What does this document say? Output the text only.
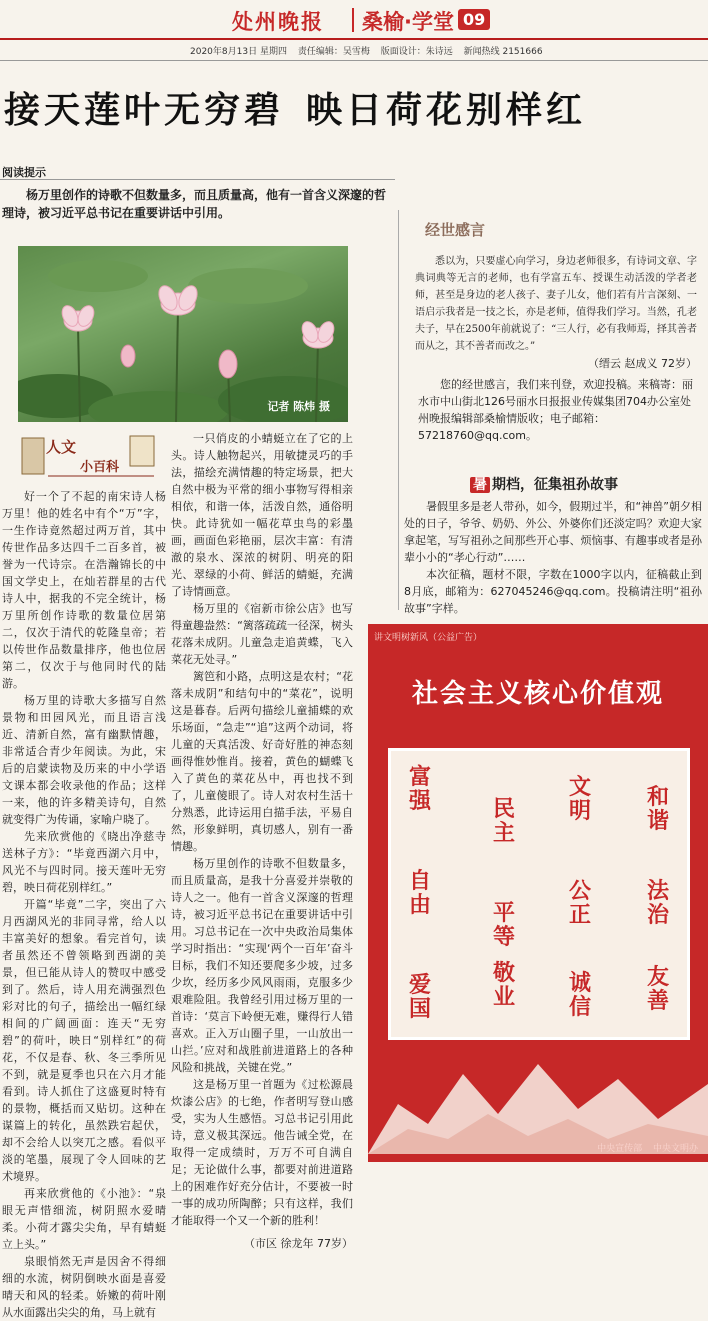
处州晚报 桑榆·学堂 09
2020年8月13日 星期四 责任编辑：吴雪梅 版面设计：朱诗远 新闻热线 2151666
接天莲叶无穷碧 映日荷花别样红
阅读提示
杨万里创作的诗歌不但数量多，而且质量高，他有一首含义深邃的哲理诗，被习近平总书记在重要讲话中引用。
记者 陈炜 摄
人文
小百科

好一个了不起的南宋诗人杨万里！他的姓名中有个“万”字，一生作诗竟然超过两万首，其中传世作品多达四千二百多首，被誉为一代诗宗。在浩瀚锦长的中国文学史上，在灿若群星的古代诗人中，据我的不完全统计，杨万里所创作诗歌的数量位居第二，仅次于清代的乾隆皇帝；若以传世作品数量排序，他也位居第二，仅次于与他同时代的陆游。

杨万里的诗歌大多描写自然景物和田园风光，而且语言浅近、清新自然，富有幽默情趣，非常适合青少年阅读。为此，宋后的启蒙读物及历来的中小学语文课本都会收录他的作品；这样一来，他的许多精美诗句，自然就变得广为传诵，家喻户晓了。

先来欣赏他的《晓出净慈寺送林子方》：“毕竟西湖六月中，风光不与四时同。接天莲叶无穷碧，映日荷花别样红。”

开篇“毕竟”二字，突出了六月西湖风光的非同寻常，给人以丰富美好的想象。看完首句，读者虽然还不曾领略到西湖的美景，但已能从诗人的赞叹中感受到了。然后，诗人用充满强烈色彩对比的句子，描绘出一幅红绿相间的广阔画面：连天“无穷碧”的荷叶，映日“别样红”的荷花，不仅是春、秋、冬三季所见不到，就是夏季也只在六月才能看到。诗人抓住了这盛夏时特有的景物，概括而又贴切。这种在谋篇上的转化，虽然跌宕起伏，却不会给人以突兀之感。看似平淡的笔墨，展现了令人回味的艺术境界。

再来欣赏他的《小池》：“泉眼无声惜细流，树阴照水爱晴柔。小荷才露尖尖角，早有蜻蜓立上头。”

泉眼悄然无声是因舍不得细细的水流，树阴倒映水面是喜爱晴天和风的轻柔。娇嫩的荷叶刚从水面露出尖尖的角，马上就有

一只俏皮的小蜻蜓立在了它的上头。诗人触物起兴，用敏捷灵巧的手法，描绘充满情趣的特定场景，把大自然中极为平常的细小事物写得相亲相依，和谐一体，活泼自然，通俗明快。此诗犹如一幅花草虫鸟的彩墨画，画面色彩艳丽，层次丰富：有清澈的泉水、深浓的树阴、明亮的阳光、翠绿的小荷、鲜活的蜻蜓，充满了诗情画意。

杨万里的《宿新市徐公店》也写得童趣盎然：“篱落疏疏一径深，树头花落未成阴。儿童急走追黄蝶，飞入菜花无处寻。”

篱笆和小路，点明这是农村；“花落未成阴”和结句中的“菜花”，说明这是暮春。后两句描绘儿童捕蝶的欢乐场面，“急走”“追”这两个动词，将儿童的天真活泼、好奇好胜的神态刻画得惟妙惟肖。接着，黄色的蝴蝶飞入了黄色的菜花丛中，再也找不到了，儿童傻眼了。诗人对农村生活十分熟悉，此诗运用白描手法，平易自然，形象鲜明，真切感人，别有一番情趣。

杨万里创作的诗歌不但数量多，而且质量高，是我十分喜爱并崇敬的诗人之一。他有一首含义深邃的哲理诗，被习近平总书记在重要讲话中引用。习总书记在一次中央政治局集体学习时指出：“实现‘两个一百年’奋斗目标，我们不知还要爬多少坡，过多少坎，经历多少风风雨雨，克服多少艰难险阻。我曾经引用过杨万里的一首诗：‘莫言下岭便无难，赚得行人错喜欢。正入万山圈子里，一山放出一山拦。’应对和战胜前进道路上的各种风险和挑战，关键在党。”

这是杨万里一首题为《过松源晨炊漆公店》的七绝，作者明写登山感受，实为人生感悟。习总书记引用此诗，意义极其深远。他告诫全党，在取得一定成绩时，万万不可自满自足；无论做什么事，都要对前进道路上的困难作好充分估计，不要被一时一事的成功所陶醉；只有这样，我们才能取得一个又一个新的胜利！

（市区 徐龙年 77岁）
经世感言
悉以为，只要虚心向学习，身边老师很多，有诗词文章、字典词典等无言的老师，也有学富五车、授课生动活泼的学者老师，甚至是身边的老人孩子、妻子儿女，他们若有片言深刻、一语启示我者是一技之长，亦是老师，值得我们学习。当然，孔老夫子，早在2500年前就说了：“三人行，必有我师焉，择其善者而从之，其不善者而改之。”
（缙云 赵成义 72岁）
您的经世感言，我们来刊登，欢迎投稿。来稿寄：丽水市中山街北126号丽水日报报业传媒集团704办公室处州晚报编辑部桑榆情版收；电子邮箱：57218760@qq.com。
暑 期档，征集祖孙故事

暑假里多是老人带孙，如今，假期过半，和“神兽”朝夕相处的日子，爷爷、奶奶、外公、外婆你们还淡定吗？欢迎大家拿起笔，写写祖孙之间那些开心事、烦恼事、有趣事或者是孙辈小小的“孝心行动”……

本次征稿，题材不限，字数在1000字以内，征稿截止到8月底，邮箱为：627045246@qq.com。投稿请注明“祖孙故事”字样。

讲文明树新风（公益广告）
社会主义核心价值观
富强	民主
文明
和谐
自由	平等
公正
法治
爱国
敬业
诚信
友善
中央宣传部 中央文明办
